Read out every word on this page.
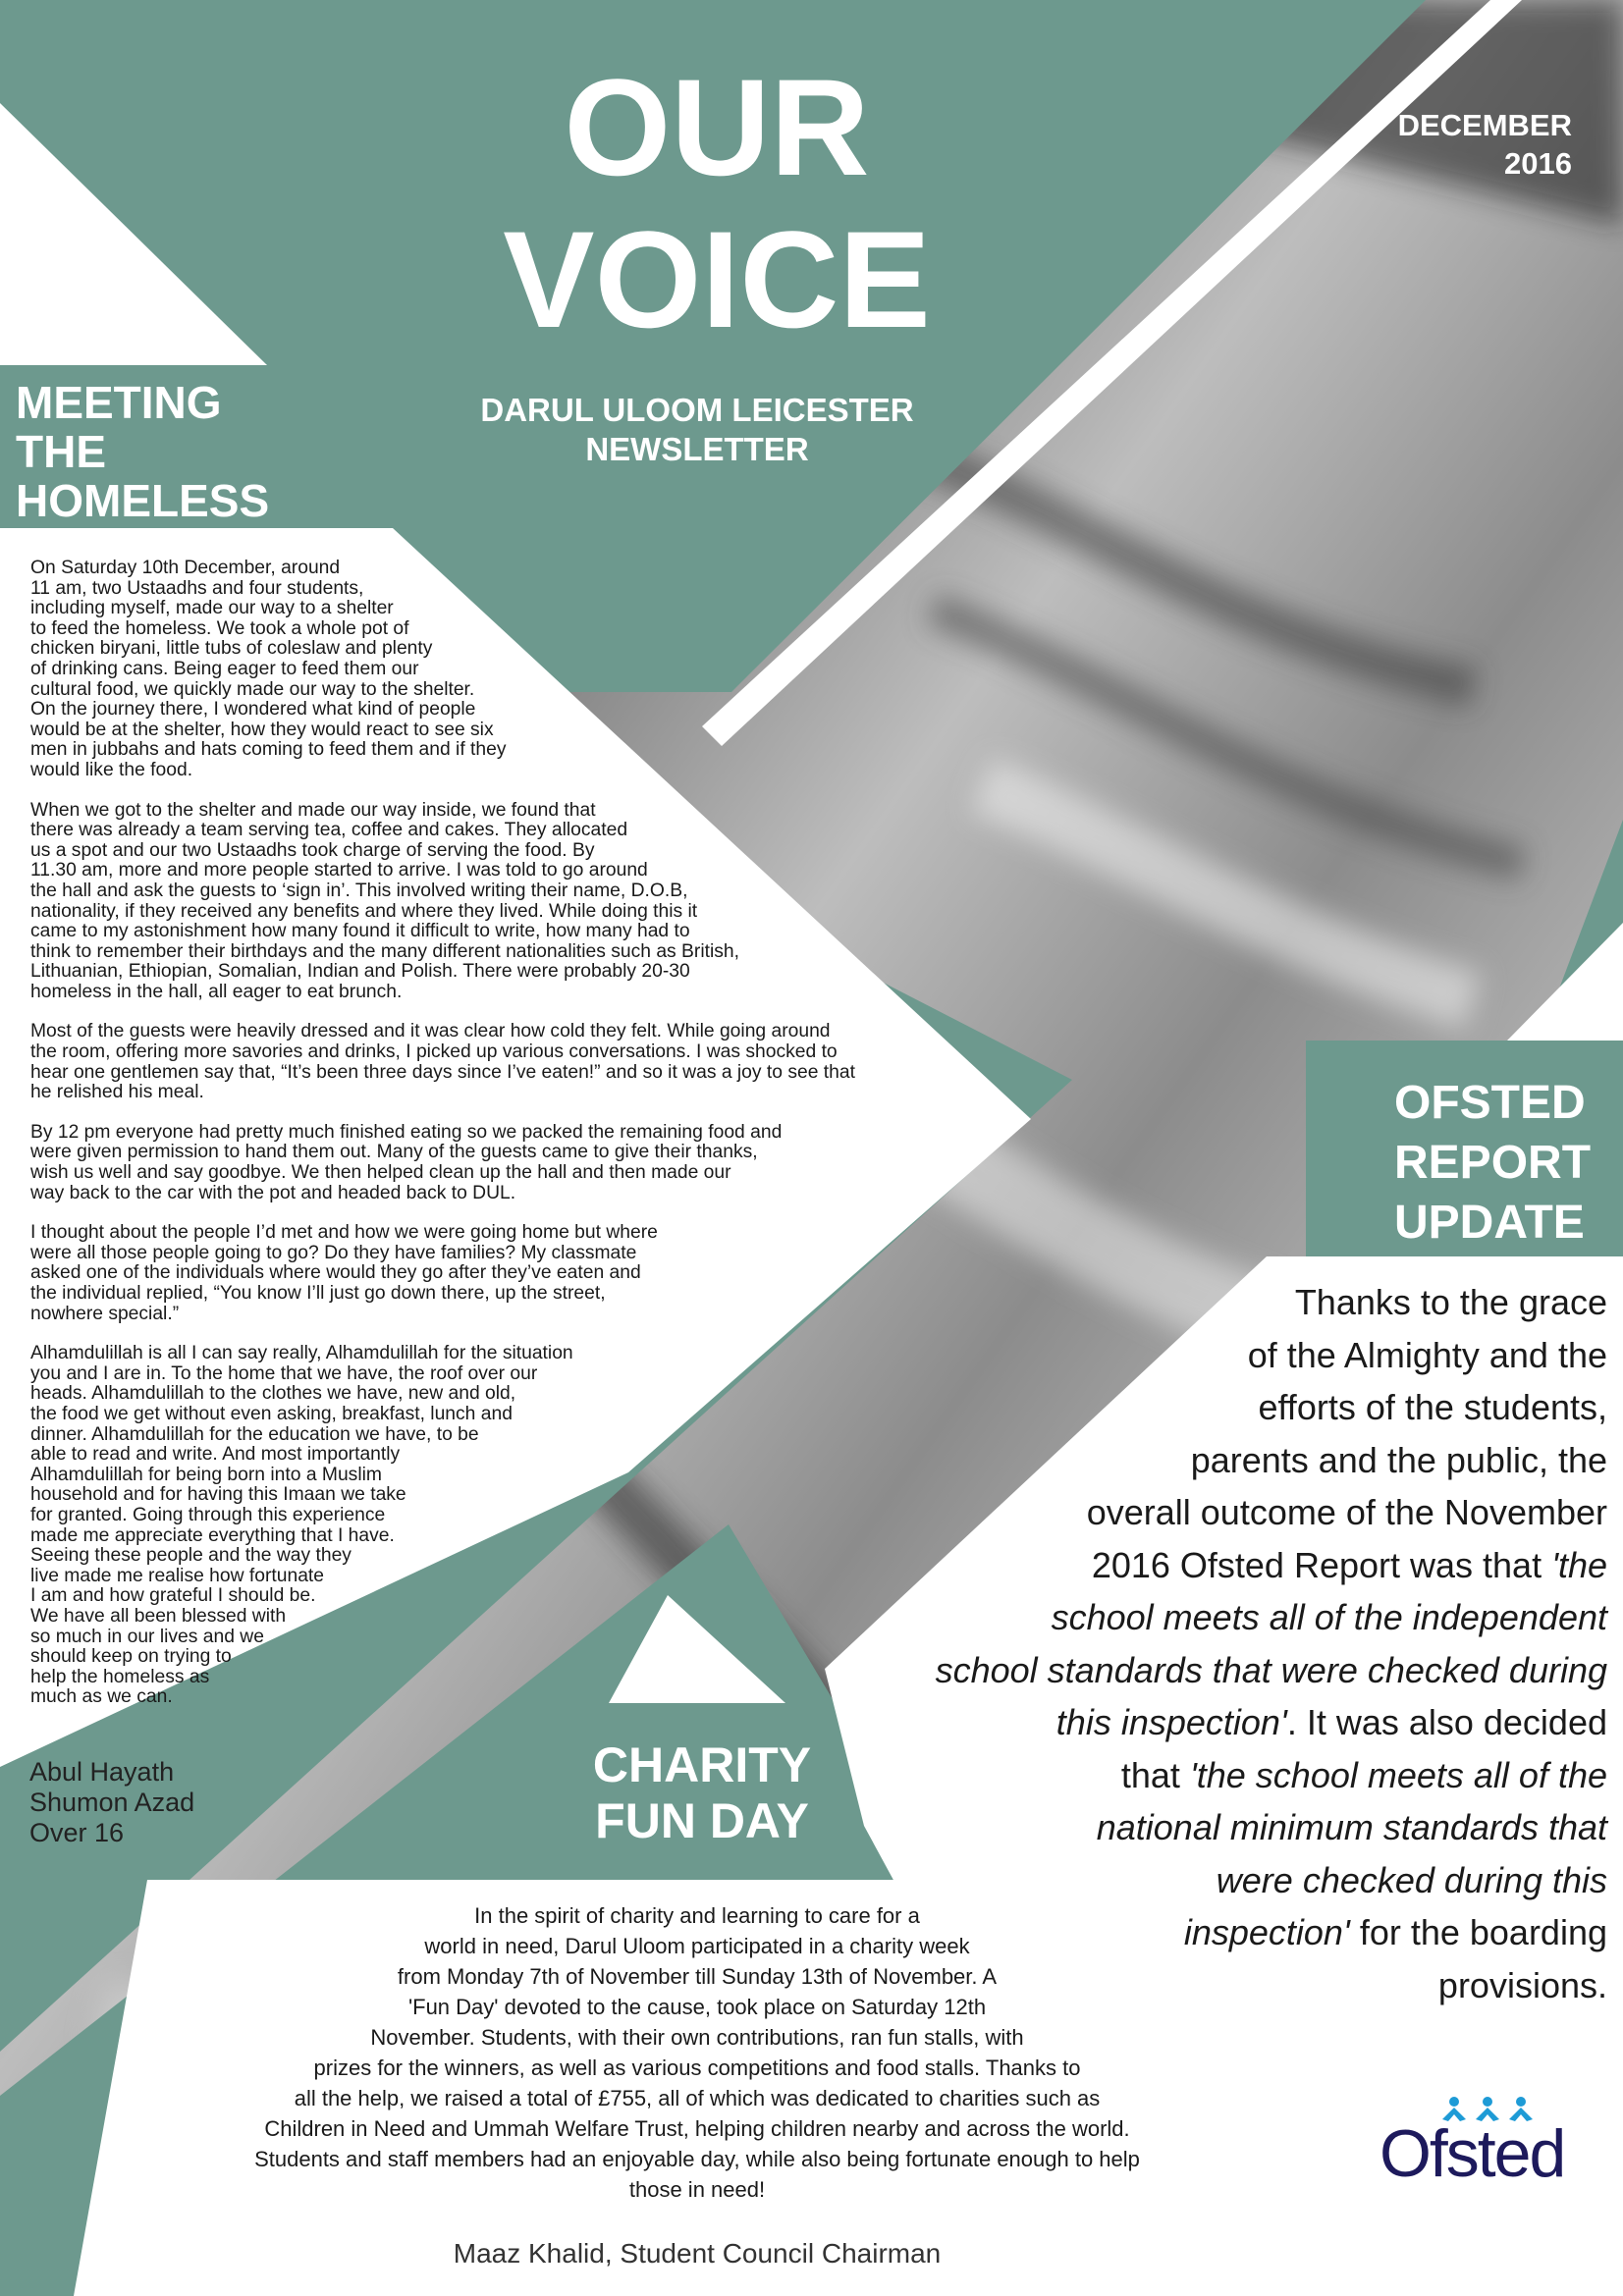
OUR
VOICE
DARUL ULOOM LEICESTER
NEWSLETTER
DECEMBER
2016
MEETING
THE
HOMELESS

On Saturday 10th December, around
11 am, two Ustaadhs and four students,
including myself, made our way to a shelter
to feed the homeless. We took a whole pot of
chicken biryani, little tubs of coleslaw and plenty
of drinking cans. Being eager to feed them our
cultural food, we quickly made our way to the shelter.
On the journey there, I wondered what kind of people
would be at the shelter, how they would react to see six
men in jubbahs and hats coming to feed them and if they
would like the food.

When we got to the shelter and made our way inside, we found that
there was already a team serving tea, coffee and cakes. They allocated
us a spot and our two Ustaadhs took charge of serving the food. By
11.30 am, more and more people started to arrive. I was told to go around
the hall and ask the guests to ‘sign in’. This involved writing their name, D.O.B,
nationality, if they received any benefits and where they lived. While doing this it
came to my astonishment how many found it difficult to write, how many had to
think to remember their birthdays and the many different nationalities such as British,
Lithuanian, Ethiopian, Somalian, Indian and Polish. There were probably 20-30
homeless in the hall, all eager to eat brunch.

Most of the guests were heavily dressed and it was clear how cold they felt. While going around
the room, offering more savories and drinks, I picked up various conversations. I was shocked to
hear one gentlemen say that, “It’s been three days since I’ve eaten!” and so it was a joy to see that
he relished his meal.

By 12 pm everyone had pretty much finished eating so we packed the remaining food and
were given permission to hand them out. Many of the guests came to give their thanks,
wish us well and say goodbye. We then helped clean up the hall and then made our
way back to the car with the pot and headed back to DUL.

I thought about the people I’d met and how we were going home but where
were all those people going to go? Do they have families? My classmate
asked one of the individuals where would they go after they’ve eaten and
the individual replied, “You know I’ll just go down there, up the street,
nowhere special.”

Alhamdulillah is all I can say really, Alhamdulillah for the situation
you and I are in. To the home that we have, the roof over our
heads. Alhamdulillah to the clothes we have, new and old,
the food we get without even asking, breakfast, lunch and
dinner. Alhamdulillah for the education we have, to be
able to read and write. And most importantly
Alhamdulillah for being born into a Muslim
household and for having this Imaan we take
for granted. Going through this experience
made me appreciate everything that I have.
Seeing these people and the way they
live made me realise how fortunate
I am and how grateful I should be.
We have all been blessed with
so much in our lives and we
should keep on trying to
help the homeless as
much as we can.

Abul Hayath
Shumon Azad
Over 16
OFSTED
REPORT
UPDATE
Thanks to the grace
of the Almighty and the
efforts of the students,
parents and the public, the
overall outcome of the November
2016 Ofsted Report was that 'the
school meets all of the independent
school standards that were checked during
this inspection'. It was also decided
that 'the school meets all of the
national minimum standards that
were checked during this
inspection' for the boarding
provisions.
Ofsted
CHARITY
FUN DAY
In the spirit of charity and learning to care for a
world in need, Darul Uloom participated in a charity week
from Monday 7th of November till Sunday 13th of November. A
'Fun Day' devoted to the cause, took place on Saturday 12th
November. Students, with their own contributions, ran fun stalls, with
prizes for the winners, as well as various competitions and food stalls. Thanks to
all the help, we raised a total of £755, all of which was dedicated to charities such as
Children in Need and Ummah Welfare Trust, helping children nearby and across the world.
Students and staff members had an enjoyable day, while also being fortunate enough to help
those in need!
Maaz Khalid, Student Council Chairman
